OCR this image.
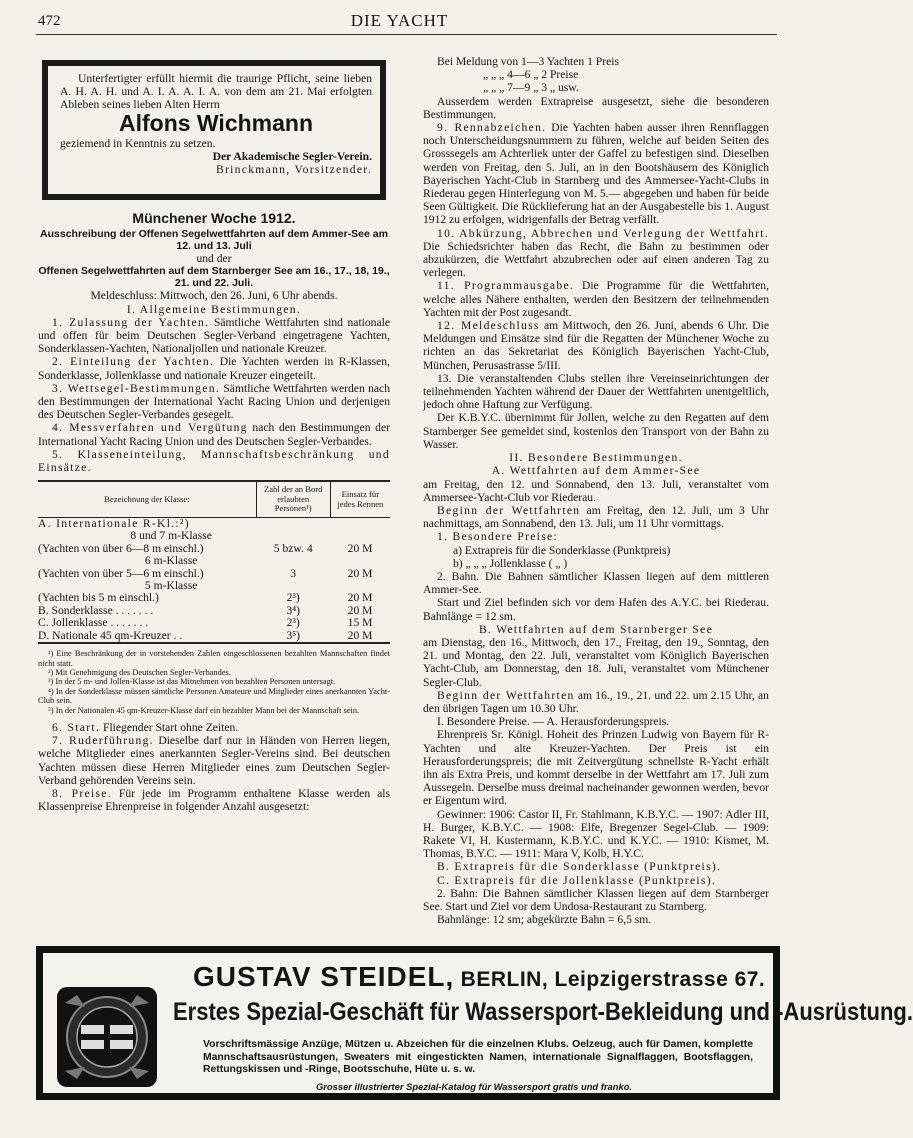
472	DIE YACHT

Unterfertigter erfüllt hiermit die traurige Pflicht, seine lieben A. H. A. H. und A. I. A. A. I. A. von dem am 21. Mai erfolgten Ableben seines lieben Alten Herrn

Alfons Wichmann

geziemend in Kenntnis zu setzen.

Der Akademische Segler-Verein.

Brinckmann, Vorsitzender.

Münchener Woche 1912.

Ausschreibung der Offenen Segelwettfahrten auf dem Ammer-See am 12. und 13. Juli

und der

Offenen Segelwettfahrten auf dem Starnberger See am 16., 17., 18, 19., 21. und 22. Juli.

Meldeschluss: Mittwoch, den 26. Juni, 6 Uhr abends.

I. Allgemeine Bestimmungen.

1. Zulassung der Yachten. Sämtliche Wettfahrten sind nationale und offen für beim Deutschen Segler-Verband eingetragene Yachten, Sonderklassen-Yachten, Nationaljollen und nationale Kreuzer.

2. Einteilung der Yachten. Die Yachten werden in R-Klassen, Sonderklasse, Jollenklasse und nationale Kreuzer eingeteilt.

3. Wettsegel-Bestimmungen. Sämtliche Wettfahrten werden nach den Bestimmungen der International Yacht Racing Union und derjenigen des Deutschen Segler-Verbandes gesegelt.

4. Messverfahren und Vergütung nach den Bestimmungen der International Yacht Racing Union und des Deutschen Segler-Verbandes.

5. Klasseneinteilung, Mannschaftsbeschränkung und Einsätze.

Bezeichnung der Klasse:	Zahl der an Bord erlaubten Personen¹)	Einsatz für jedes Rennen
A. Internationale R-Kl.:²)		
8 und 7 m-Klasse		
(Yachten von über 6—8 m einschl.)	5 bzw. 4	20 M
6 m-Klasse		
(Yachten von über 5—6 m einschl.)	3	20 M
5 m-Klasse		
(Yachten bis 5 m einschl.)	2³)	20 M
B. Sonderklasse . . . . . . .	3⁴)	20 M
C. Jollenklasse . . . . . . .	2³)	15 M
D. Nationale 45 qm-Kreuzer . .	3⁵)	20 M

¹) Eine Beschränkung der in vorstehenden Zahlen eingeschlossenen bezahlten Mannschaften findet nicht statt.

²) Mit Genehmigung des Deutschen Segler-Verbandes.

³) In der 5 m- und Jollen-Klasse ist das Mitnehmen von bezahlten Personen untersagt.

⁴) In der Sonderklasse müssen sämtliche Personen Amateure und Mitglieder eines anerkannten Yacht-Club sein.

⁵) In der Nationalen 45 qm-Kreuzer-Klasse darf ein bezahlter Mann bei der Mannschaft sein.

6. Start. Fliegender Start ohne Zeiten.

7. Ruderführung. Dieselbe darf nur in Händen von Herren liegen, welche Mitglieder eines anerkannten Segler-Vereins sind. Bei deutschen Yachten müssen diese Herren Mitglieder eines zum Deutschen Segler-Verband gehörenden Vereins sein.

8. Preise. Für jede im Programm enthaltene Klasse werden als Klassenpreise Ehrenpreise in folgender Anzahl ausgesetzt:

Bei Meldung von 1—3 Yachten 1 Preis

„ „ „ 4—6 „ 2 Preise

„ „ „ 7—9 „ 3 „ usw.

Ausserdem werden Extrapreise ausgesetzt, siehe die besonderen Bestimmungen.

9. Rennabzeichen. Die Yachten haben ausser ihren Rennflaggen noch Unterscheidungsnummern zu führen, welche auf beiden Seiten des Grosssegels am Achterliek unter der Gaffel zu befestigen sind. Dieselben werden von Freitag, den 5. Juli, an in den Bootshäusern des Königlich Bayerischen Yacht-Club in Starnberg und des Ammersee-Yacht-Clubs in Riederau gegen Hinterlegung von M. 5.— abgegeben und haben für beide Seen Gültigkeit. Die Rücklieferung hat an der Ausgabestelle bis 1. August 1912 zu erfolgen, widrigenfalls der Betrag verfällt.

10. Abkürzung, Abbrechen und Verlegung der Wettfahrt. Die Schiedsrichter haben das Recht, die Bahn zu bestimmen oder abzukürzen, die Wettfahrt abzubrechen oder auf einen anderen Tag zu verlegen.

11. Programmausgabe. Die Programme für die Wettfahrten, welche alles Nähere enthalten, werden den Besitzern der teilnehmenden Yachten mit der Post zugesandt.

12. Meldeschluss am Mittwoch, den 26. Juni, abends 6 Uhr. Die Meldungen und Einsätze sind für die Regatten der Münchener Woche zu richten an das Sekretariat des Königlich Bayerischen Yacht-Club, München, Perusastrasse 5/III.

13. Die veranstaltenden Clubs stellen ihre Vereinseinrichtungen der teilnehmenden Yachten während der Dauer der Wettfahrten unentgeltlich, jedoch ohne Haftung zur Verfügung.

Der K.B.Y.C. übernimmt für Jollen, welche zu den Regatten auf dem Starnberger See gemeldet sind, kostenlos den Transport von der Bahn zu Wasser.

II. Besondere Bestimmungen.

A. Wettfahrten auf dem Ammer-See

am Freitag, den 12. und Sonnabend, den 13. Juli, veranstaltet vom Ammersee-Yacht-Club vor Riederau.

Beginn der Wettfahrten am Freitag, den 12. Juli, um 3 Uhr nachmittags, am Sonnabend, den 13. Juli, um 11 Uhr vormittags.

1. Besondere Preise:

a) Extrapreis für die Sonderklasse (Punktpreis)

b) „ „ „ Jollenklasse ( „ )

2. Bahn. Die Bahnen sämtlicher Klassen liegen auf dem mittleren Ammer-See.

Start und Ziel befinden sich vor dem Hafen des A.Y.C. bei Riederau. Bahnlänge = 12 sm.

B. Wettfahrten auf dem Starnberger See

am Dienstag, den 16., Mittwoch, den 17., Freitag, den 19., Sonntag, den 21. und Montag, den 22. Juli, veranstaltet vom Königlich Bayerischen Yacht-Club, am Donnerstag, den 18. Juli, veranstaltet vom Münchener Segler-Club.

Beginn der Wettfahrten am 16., 19., 21. und 22. um 2.15 Uhr, an den übrigen Tagen um 10.30 Uhr.

I. Besondere Preise. — A. Herausforderungspreis.

Ehrenpreis Sr. Königl. Hoheit des Prinzen Ludwig von Bayern für R-Yachten und alte Kreuzer-Yachten. Der Preis ist ein Herausforderungspreis; die mit Zeitvergütung schnellste R-Yacht erhält ihn als Extra Preis, und kommt derselbe in der Wettfahrt am 17. Juli zum Aussegeln. Derselbe muss dreimal nacheinander gewonnen werden, bevor er Eigentum wird.

Gewinner: 1906: Castor II, Fr. Stahlmann, K.B.Y.C. — 1907: Adler III, H. Burger, K.B.Y.C. — 1908: Elfe, Bregenzer Segel-Club. — 1909: Rakete VI, H. Kustermann, K.B.Y.C. und K.Y.C. — 1910: Kismet, M. Thomas, B.Y.C. — 1911: Mara V, Kolb, H.Y.C.

B. Extrapreis für die Sonderklasse (Punktpreis).

C. Extrapreis für die Jollenklasse (Punktpreis).

2. Bahn: Die Bahnen sämtlicher Klassen liegen auf dem Starnberger See. Start und Ziel vor dem Undosa-Restaurant zu Starnberg.

Bahnlänge: 12 sm; abgekürzte Bahn = 6,5 sm.

GUSTAV STEIDEL, BERLIN, Leipzigerstrasse 67.
Erstes Spezial-Geschäft für Wassersport-Bekleidung und -Ausrüstung.
Vorschriftsmässige Anzüge, Mützen u. Abzeichen für die einzelnen Klubs. Oelzeug, auch für Damen, komplette Mannschaftsausrüstungen, Sweaters mit eingestickten Namen, internationale Signalflaggen, Bootsflaggen, Rettungskissen und -Ringe, Bootsschuhe, Hüte u. s. w.
Grosser illustrierter Spezial-Katalog für Wassersport gratis und franko.
